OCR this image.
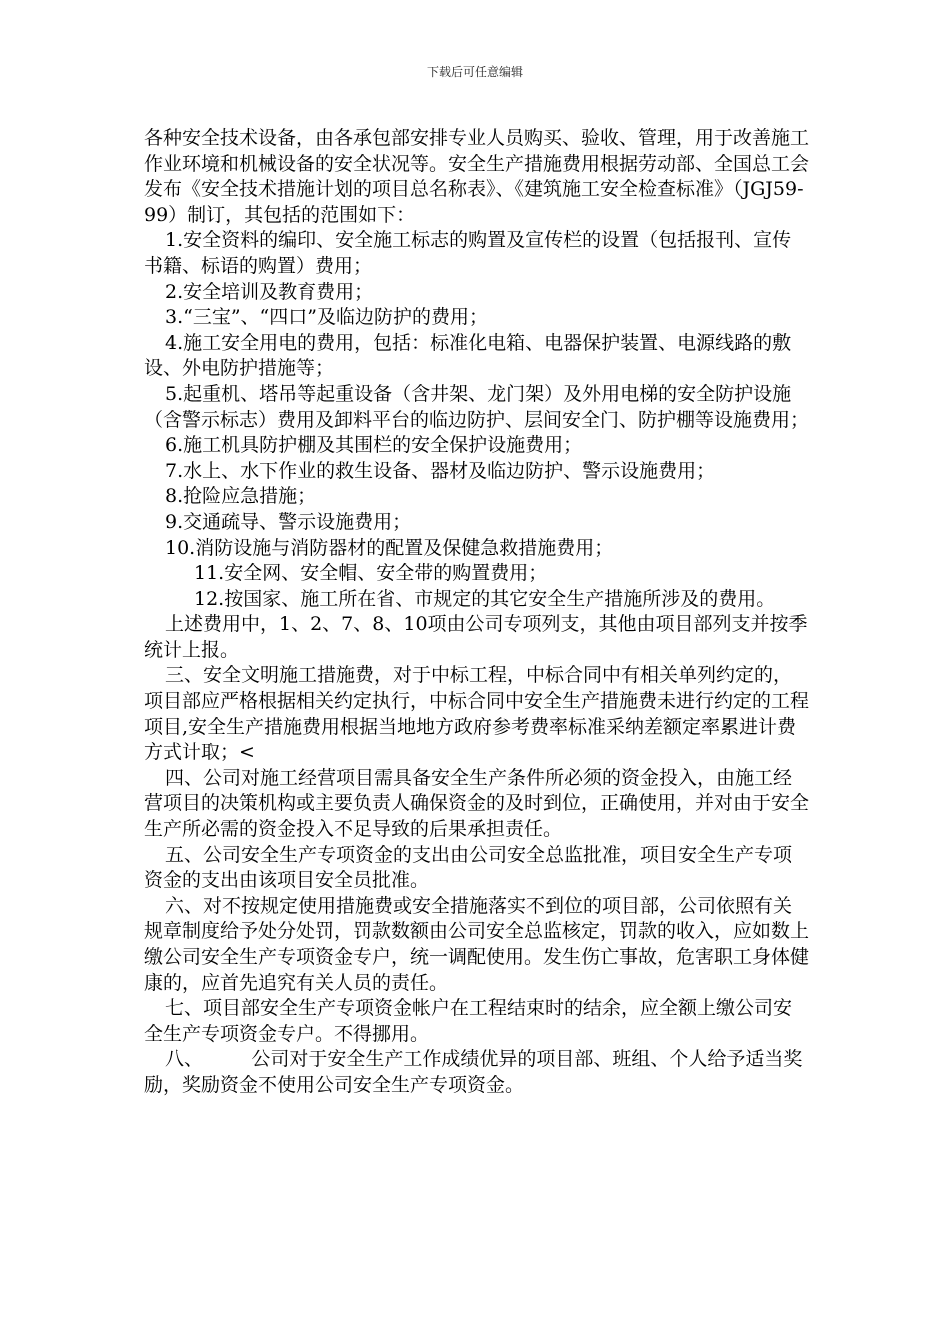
下载后可任意编辑

各种安全技术设备，由各承包部安排专业人员购买、验收、管理，用于改善施工作业环境和机械设备的安全状况等。安全生产措施费用根据劳动部、全国总工会发布《安全技术措施计划的项目总名称表》、《建筑施工安全检查标准》（JGJ59-99）制订，其包括的范围如下：

1.安全资料的编印、安全施工标志的购置及宣传栏的设置（包括报刊、宣传书籍、标语的购置）费用；

2.安全培训及教育费用；

3.“三宝”、“四口”及临边防护的费用；

4.施工安全用电的费用，包括：标准化电箱、电器保护装置、电源线路的敷设、外电防护措施等；

5.起重机、塔吊等起重设备（含井架、龙门架）及外用电梯的安全防护设施（含警示标志）费用及卸料平台的临边防护、层间安全门、防护棚等设施费用；

6.施工机具防护棚及其围栏的安全保护设施费用；

7.水上、水下作业的救生设备、器材及临边防护、警示设施费用；

8.抢险应急措施；

9.交通疏导、警示设施费用；

10.消防设施与消防器材的配置及保健急救措施费用；

11.安全网、安全帽、安全带的购置费用；

12.按国家、施工所在省、市规定的其它安全生产措施所涉及的费用。

上述费用中，1、2、7、8、10项由公司专项列支，其他由项目部列支并按季统计上报。

三、安全文明施工措施费，对于中标工程，中标合同中有相关单列约定的，项目部应严格根据相关约定执行，中标合同中安全生产措施费未进行约定的工程项目,安全生产措施费用根据当地地方政府参考费率标准采纳差额定率累进计费方式计取；<

四、公司对施工经营项目需具备安全生产条件所必须的资金投入，由施工经营项目的决策机构或主要负责人确保资金的及时到位，正确使用，并对由于安全生产所必需的资金投入不足导致的后果承担责任。

五、公司安全生产专项资金的支出由公司安全总监批准，项目安全生产专项资金的支出由该项目安全员批准。

六、对不按规定使用措施费或安全措施落实不到位的项目部，公司依照有关规章制度给予处分处罚，罚款数额由公司安全总监核定，罚款的收入，应如数上缴公司安全生产专项资金专户，统一调配使用。发生伤亡事故，危害职工身体健康的，应首先追究有关人员的责任。

七、项目部安全生产专项资金帐户在工程结束时的结余，应全额上缴公司安全生产专项资金专户。不得挪用。

八、        公司对于安全生产工作成绩优异的项目部、班组、个人给予适当奖励，奖励资金不使用公司安全生产专项资金。
